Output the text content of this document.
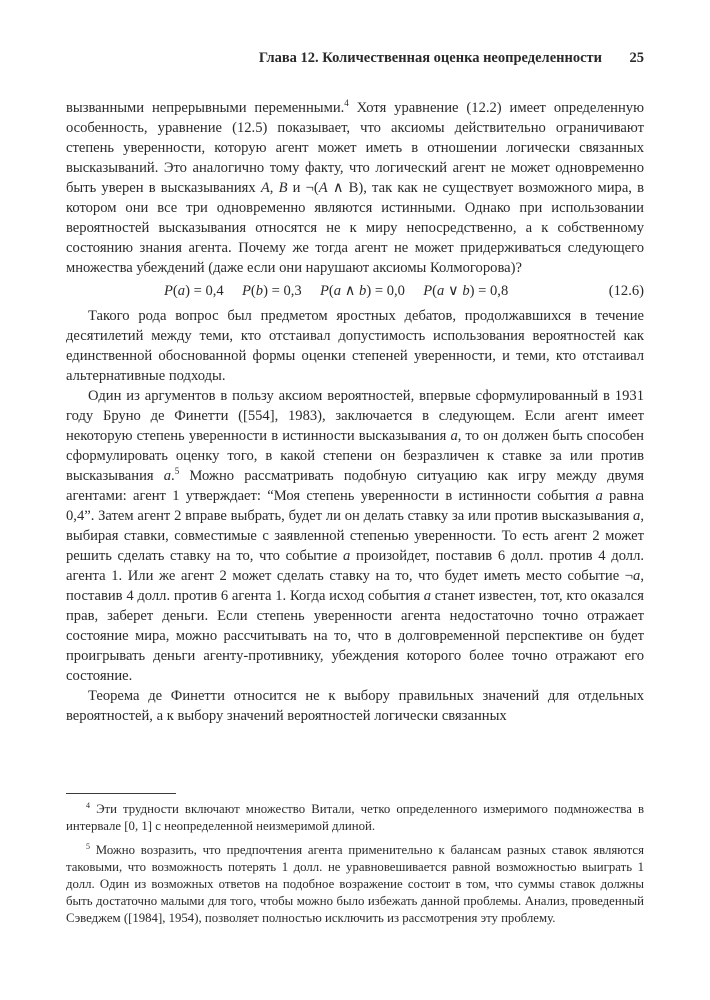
Глава 12. Количественная оценка неопределенности 25

вызванными непрерывными переменными.$^4$ Хотя уравнение (12.2) имеет определенную особенность, уравнение (12.5) показывает, что аксиомы действительно ограничивают степень уверенности, которую агент может иметь в отношении логически связанных высказываний. Это аналогично тому факту, что логический агент не может одновременно быть уверен в высказываниях A, B и ¬(A ∧ B), так как не существует возможного мира, в котором они все три одновременно являются истинными. Однако при использовании вероятностей высказывания относятся не к миру непосредственно, а к собственному состоянию знания агента. Почему же тогда агент не может придерживаться следующего множества убеждений (даже если они нарушают аксиомы Колмогорова)?

P(a) = 0,4 P(b) = 0,3 P(a ∧ b) = 0,0 P(a ∨ b) = 0,8	(12.6)

Такого рода вопрос был предметом яростных дебатов, продолжавшихся в течение десятилетий между теми, кто отстаивал допустимость использования вероятностей как единственной обоснованной формы оценки степеней уверенности, и теми, кто отстаивал альтернативные подходы.

Один из аргументов в пользу аксиом вероятностей, впервые сформулированный в 1931 году Бруно де Финетти ([554], 1983), заключается в следующем. Если агент имеет некоторую степень уверенности в истинности высказывания a, то он должен быть способен сформулировать оценку того, в какой степени он безразличен к ставке за или против высказывания a.$^5$ Можно рассматривать подобную ситуацию как игру между двумя агентами: агент 1 утверждает: “Моя степень уверенности в истинности события a равна 0,4”. Затем агент 2 вправе выбрать, будет ли он делать ставку за или против высказывания a, выбирая ставки, совместимые с заявленной степенью уверенности. То есть агент 2 может решить сделать ставку на то, что событие a произойдет, поставив 6 долл. против 4 долл. агента 1. Или же агент 2 может сделать ставку на то, что будет иметь место событие ¬a, поставив 4 долл. против 6 агента 1. Когда исход события a станет известен, тот, кто оказался прав, заберет деньги. Если степень уверенности агента недостаточно точно отражает состояние мира, можно рассчитывать на то, что в долговременной перспективе он будет проигрывать деньги агенту-противнику, убеждения которого более точно отражают его состояние.

Теорема де Финетти относится не к выбору правильных значений для отдельных вероятностей, а к выбору значений вероятностей логически связанных

$^4$ Эти трудности включают множество Витали, четко определенного измеримого подмножества в интервале [0, 1] с неопределенной неизмеримой длиной.

$^5$ Можно возразить, что предпочтения агента применительно к балансам разных ставок являются таковыми, что возможность потерять 1 долл. не уравновешивается равной возможностью выиграть 1 долл. Один из возможных ответов на подобное возражение состоит в том, что суммы ставок должны быть достаточно малыми для того, чтобы можно было избежать данной проблемы. Анализ, проведенный Сэведжем ([1984], 1954), позволяет полностью исключить из рассмотрения эту проблему.
